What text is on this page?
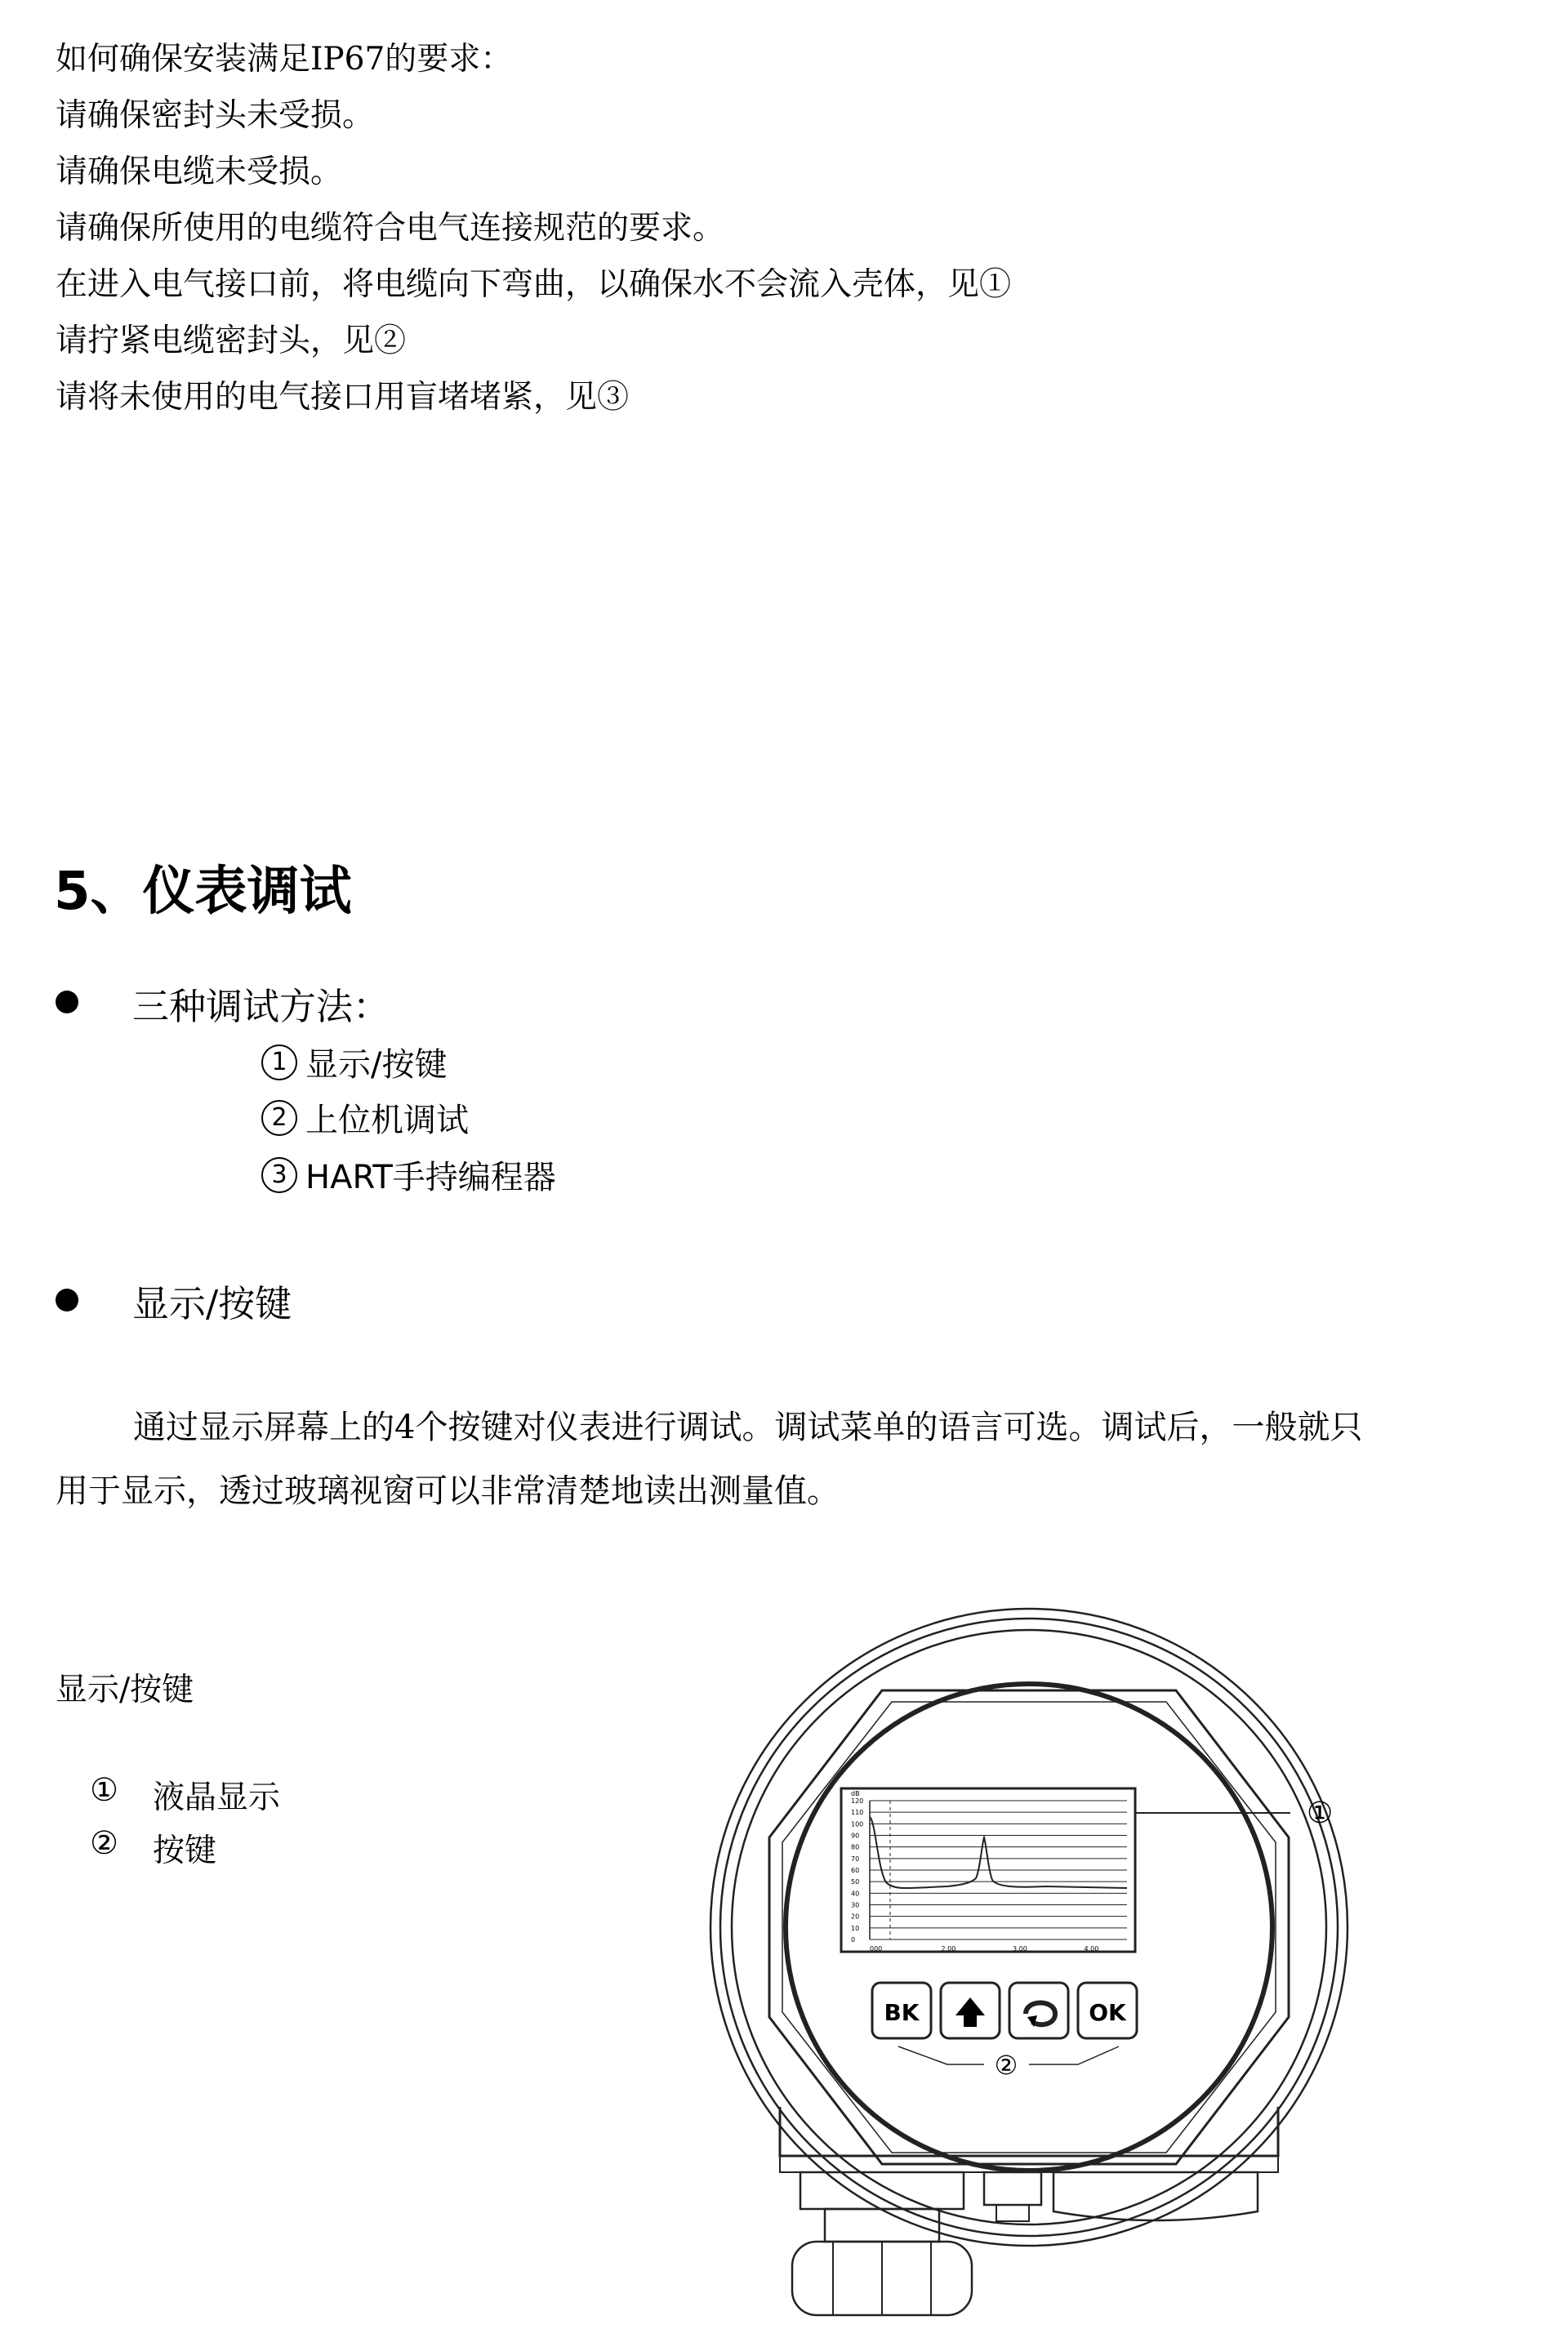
如何确保安装满足IP67的要求：
请确保密封头未受损。
请确保电缆未受损。
请确保所使用的电缆符合电气连接规范的要求。
在进入电气接口前，将电缆向下弯曲，以确保水不会流入壳体，见①
请拧紧电缆密封头，见②
请将未使用的电气接口用盲堵堵紧，见③
5、仪表调试
三种调试方法：
1 显示/按键
2 上位机调试
3 HART手持编程器
显示/按键
通过显示屏幕上的4个按键对仪表进行调试。调试菜单的语言可选。调试后，一般就只
用于显示，透过玻璃视窗可以非常清楚地读出测量值。
显示/按键
① 液晶显示
② 按键
120
110
100
90
80
70
60
50
40
30
20
10
0
dB
000	2.00	3.00	4.00
①
BK	OK
②
